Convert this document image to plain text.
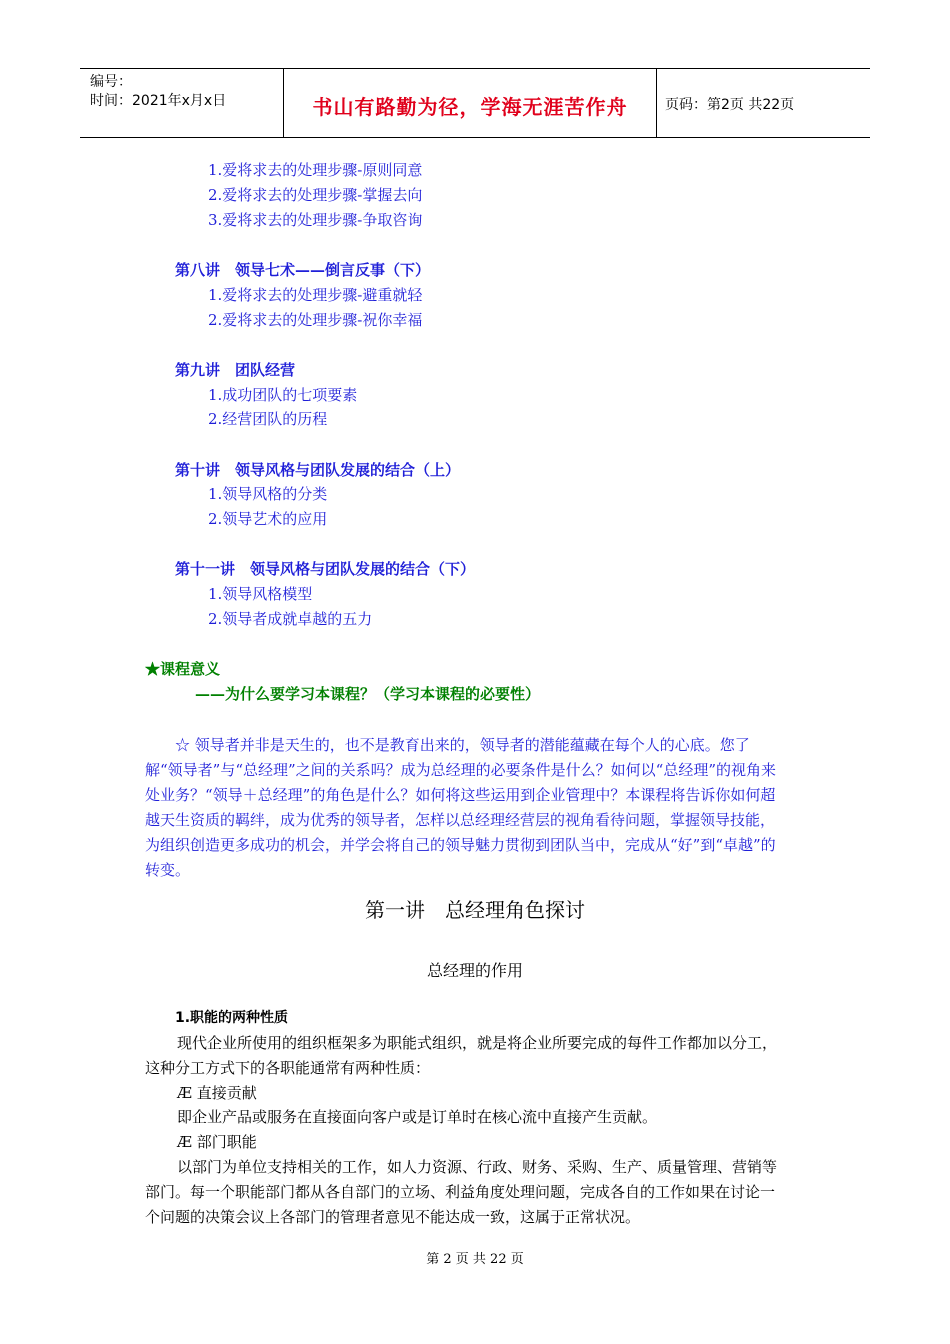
编号：
时间：2021年x月x日	书山有路勤为径，学海无涯苦作舟	页码：第2页 共22页
1.爱将求去的处理步骤-原则同意
2.爱将求去的处理步骤-掌握去向
3.爱将求去的处理步骤-争取咨询
第八讲　领导七术——倒言反事（下）
1.爱将求去的处理步骤-避重就轻
2.爱将求去的处理步骤-祝你幸福
第九讲　团队经营
1.成功团队的七项要素
2.经营团队的历程
第十讲　领导风格与团队发展的结合（上）
1.领导风格的分类
2.领导艺术的应用
第十一讲　领导风格与团队发展的结合（下）
1.领导风格模型
2.领导者成就卓越的五力
★课程意义
——为什么要学习本课程？（学习本课程的必要性）
☆ 领导者并非是天生的，也不是教育出来的，领导者的潜能蕴藏在每个人的心底。您了解“领导者”与“总经理”之间的关系吗？成为总经理的必要条件是什么？如何以“总经理”的视角来处业务？“领导＋总经理”的角色是什么？如何将这些运用到企业管理中？本课程将告诉你如何超越天生资质的羁绊，成为优秀的领导者，怎样以总经理经营层的视角看待问题，掌握领导技能，为组织创造更多成功的机会，并学会将自己的领导魅力贯彻到团队当中，完成从“好”到“卓越”的转变。
第一讲　总经理角色探讨
总经理的作用
1.职能的两种性质
现代企业所使用的组织框架多为职能式组织，就是将企业所要完成的每件工作都加以分工，这种分工方式下的各职能通常有两种性质：
Æ 直接贡献
即企业产品或服务在直接面向客户或是订单时在核心流中直接产生贡献。
Æ 部门职能
以部门为单位支持相关的工作，如人力资源、行政、财务、采购、生产、质量管理、营销等部门。每一个职能部门都从各自部门的立场、利益角度处理问题，完成各自的工作如果在讨论一个问题的决策会议上各部门的管理者意见不能达成一致，这属于正常状况。
第 2 页 共 22 页
